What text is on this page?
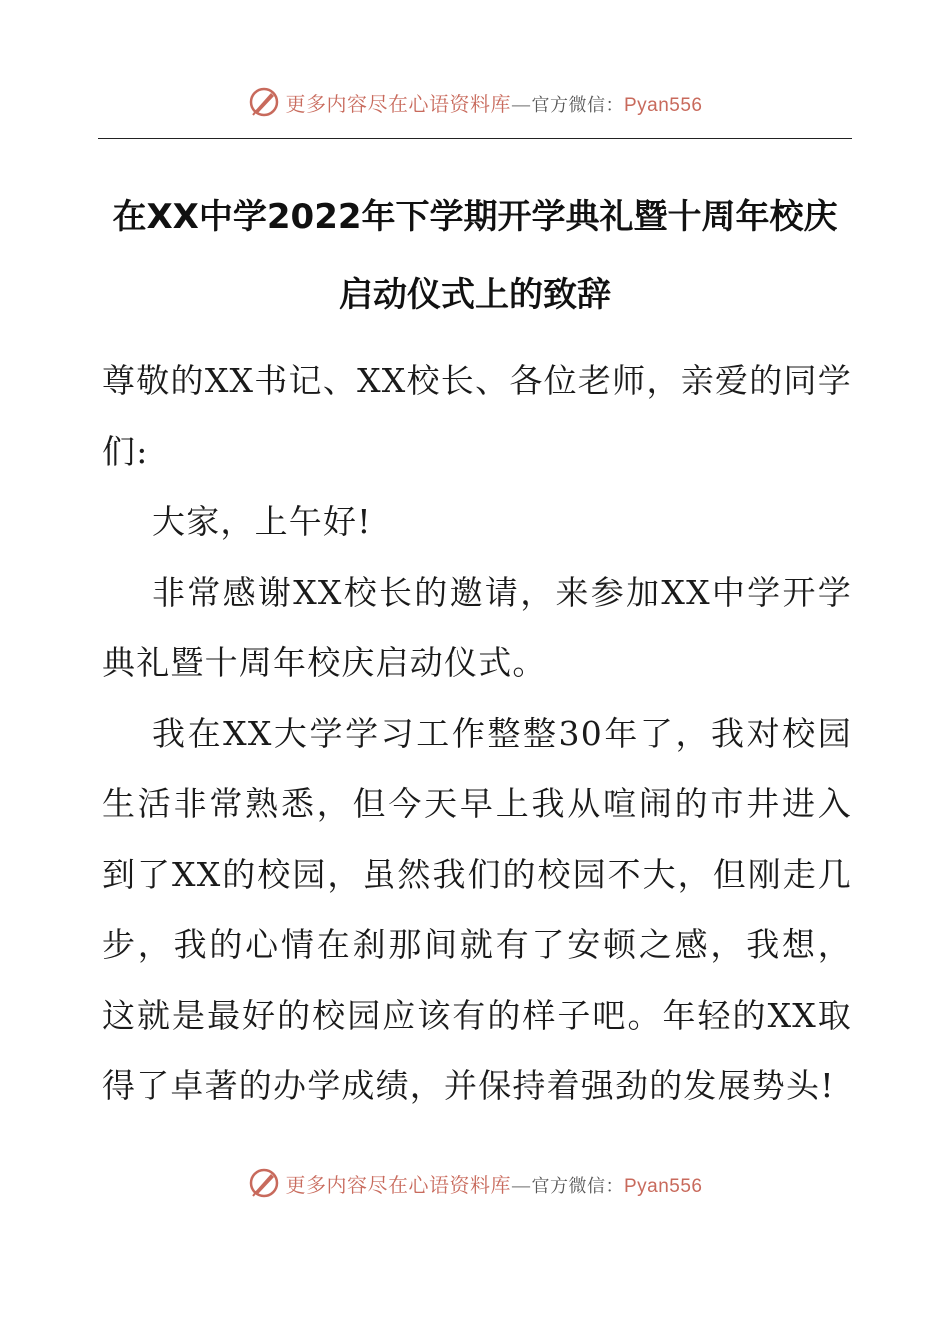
更多内容尽在心语资料库—官方微信：Pyan556
在XX中学2022年下学期开学典礼暨十周年校庆
启动仪式上的致辞

尊敬的XX书记、XX校长、各位老师，亲爱的同学们:

大家，上午好!

非常感谢XX校长的邀请，来参加XX中学开学典礼暨十周年校庆启动仪式。

我在XX大学学习工作整整30年了，我对校园生活非常熟悉，但今天早上我从喧闹的市井进入到了XX的校园，虽然我们的校园不大，但刚走几步，我的心情在刹那间就有了安顿之感，我想，这就是最好的校园应该有的样子吧。年轻的XX取得了卓著的办学成绩，并保持着强劲的发展势头!

更多内容尽在心语资料库—官方微信：Pyan556
